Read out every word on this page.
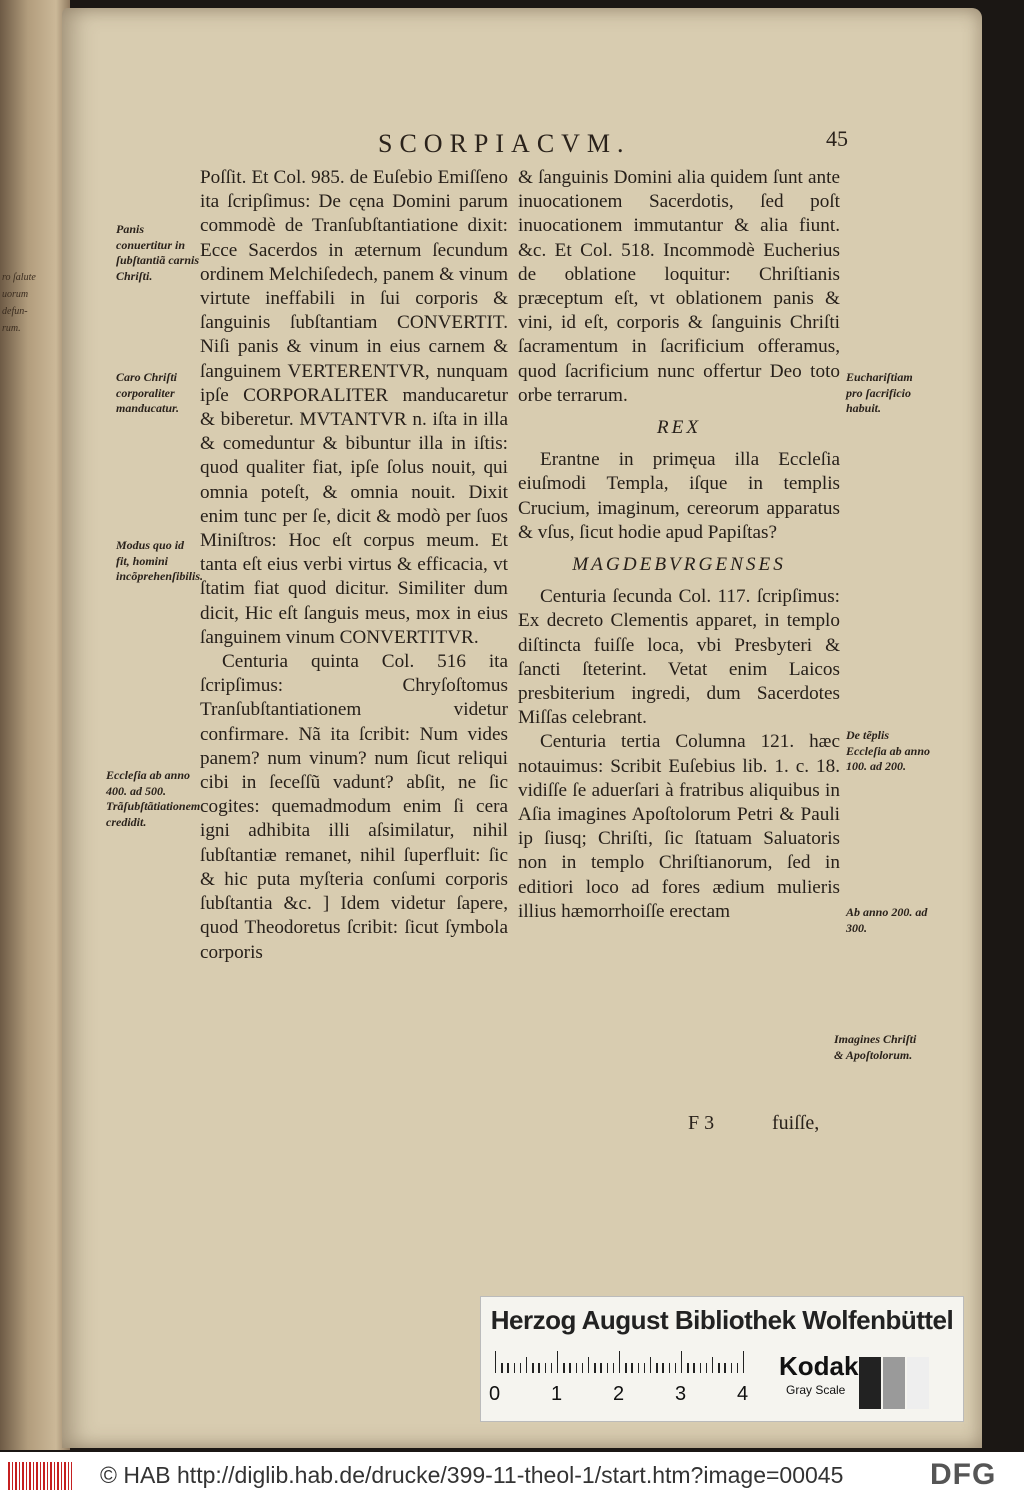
ro ſalute
uorum
defun-
rum.
SCORPIACVM.	45
Panis conuertitur in ſubſtantiã carnis Chriſti.
Caro Chriſti corporaliter manducatur.
Modus quo id fit, homini incõprehenſibilis.
Eccleſia ab anno 400. ad 500. Trãſubſtãtiationem credidit.

Poſſit. Et Col. 985. de Euſebio Emiſſeno ita ſcripſimus: De cęna Domini parum commodè de Tranſubſtantiatione dixit: Ecce Sacerdos in æternum ſecundum ordinem Melchiſedech, panem & vinum virtute ineffabili in ſui corporis & ſanguinis ſubſtantiam CONVERTIT. Niſi panis & vinum in eius carnem & ſanguinem VERTERENTVR, nunquam ipſe CORPORALITER manducaretur & biberetur. MVTANTVR n. iſta in illa & comeduntur & bibuntur illa in iſtis: quod qualiter fiat, ipſe ſolus nouit, qui omnia poteſt, & omnia nouit. Dixit enim tunc per ſe, dicit & modò per ſuos Miniſtros: Hoc eſt corpus meum. Et tanta eſt eius verbi virtus & efficacia, vt ſtatim fiat quod dicitur. Similiter dum dicit, Hic eſt ſanguis meus, mox in eius ſanguinem vinum CONVERTITVR.

Centuria quinta Col. 516 ita ſcripſimus: Chryſoſtomus Tranſubſtantiationem videtur confirmare. Nã ita ſcribit: Num vides panem? num vinum? num ſicut reliqui cibi in ſeceſſũ vadunt? abſit, ne ſic cogites: quemadmodum enim ſi cera igni adhibita illi aſsimilatur, nihil ſubſtantiæ remanet, nihil ſuperfluit: ſic & hic puta myſteria conſumi corporis ſubſtantia &c. ] Idem videtur ſapere, quod Theodoretus ſcribit: ſicut ſymbola corporis

& ſanguinis Domini alia quidem ſunt ante inuocationem Sacerdotis, ſed poſt inuocationem immutantur & alia fiunt. &c. Et Col. 518. Incommodè Eucherius de oblatione loquitur: Chriſtianis præceptum eſt, vt oblationem panis & vini, id eſt, corporis & ſanguinis Chriſti ſacramentum in ſacrificium offeramus, quod ſacrificium nunc offertur Deo toto orbe terrarum.

REX

Erantne in primęua illa Eccleſia eiuſmodi Templa, iſque in templis Crucium, imaginum, cereorum apparatus & vſus, ſicut hodie apud Papiſtas?

MAGDEBVRGENSES

Centuria ſecunda Col. 117. ſcripſimus: Ex decreto Clementis apparet, in templo diſtincta fuiſſe loca, vbi Presbyteri & ſancti ſteterint. Vetat enim Laicos presbiterium ingredi, dum Sacerdotes Miſſas celebrant.

Centuria tertia Columna 121. hæc notauimus: Scribit Euſebius lib. 1. c. 18. vidiſſe ſe aduerſari à fratribus aliquibus in Aſia imagines Apoſtolorum Petri & Pauli ip ſiusq; Chriſti, ſic ſtatuam Saluatoris non in templo Chriſtianorum, ſed in editiori loco ad fores ædium mulieris illius hæmorrhoiſſe erectam

Euchariſtiam pro ſacrificio habuit.
De tẽplis Eccleſia ab anno 100. ad 200.
Ab anno 200. ad 300.
Imagines Chriſti & Apoſtolorum.
F 3	fuiſſe,
Herzog August Bibliothek Wolfenbüttel
0	1	2	3	4
Kodak
Gray Scale
© HAB http://diglib.hab.de/drucke/399-11-theol-1/start.htm?image=00045	DFG
